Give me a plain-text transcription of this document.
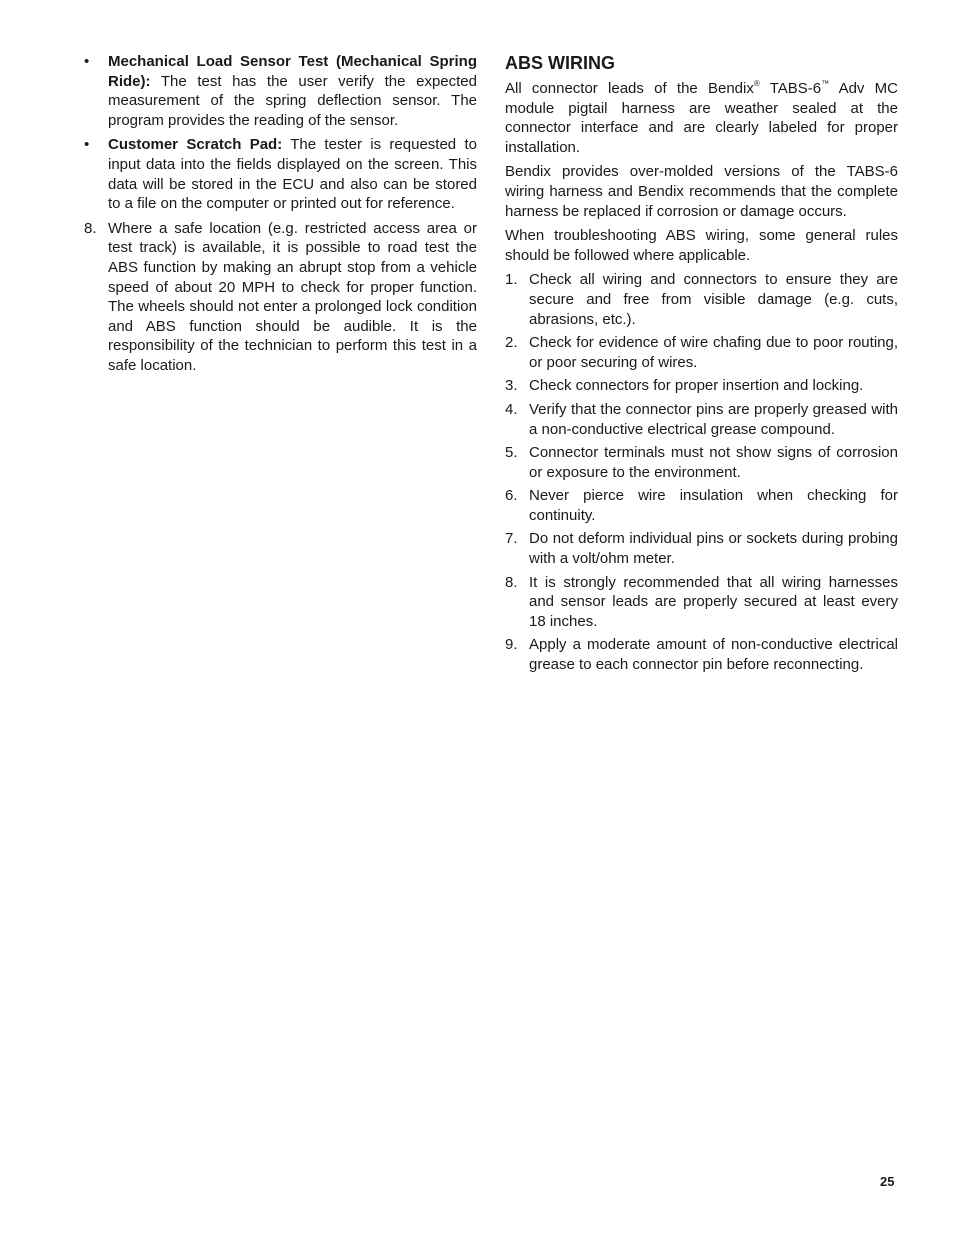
• Mechanical Load Sensor Test (Mechanical Spring Ride): The test has the user verify the expected measurement of the spring deflection sensor. The program provides the reading of the sensor.
• Customer Scratch Pad: The tester is requested to input data into the fields displayed on the screen. This data will be stored in the ECU and also can be stored to a file on the computer or printed out for reference.
8. Where a safe location (e.g. restricted access area or test track) is available, it is possible to road test the ABS function by making an abrupt stop from a vehicle speed of about 20 MPH to check for proper function. The wheels should not enter a prolonged lock condition and ABS function should be audible. It is the responsibility of the technician to perform this test in a safe location.
ABS WIRING

All connector leads of the Bendix® TABS-6™ Adv MC module pigtail harness are weather sealed at the connector interface and are clearly labeled for proper installation.

Bendix provides over-molded versions of the TABS-6 wiring harness and Bendix recommends that the complete harness be replaced if corrosion or damage occurs.

When troubleshooting ABS wiring, some general rules should be followed where applicable.

1. Check all wiring and connectors to ensure they are secure and free from visible damage (e.g. cuts, abrasions, etc.).
2. Check for evidence of wire chafing due to poor routing, or poor securing of wires.
3. Check connectors for proper insertion and locking.
4. Verify that the connector pins are properly greased with a non-conductive electrical grease compound.
5. Connector terminals must not show signs of corrosion or exposure to the environment.
6. Never pierce wire insulation when checking for continuity.
7. Do not deform individual pins or sockets during probing with a volt/ohm meter.
8. It is strongly recommended that all wiring harnesses and sensor leads are properly secured at least every 18 inches.
9. Apply a moderate amount of non-conductive electrical grease to each connector pin before reconnecting.
25
